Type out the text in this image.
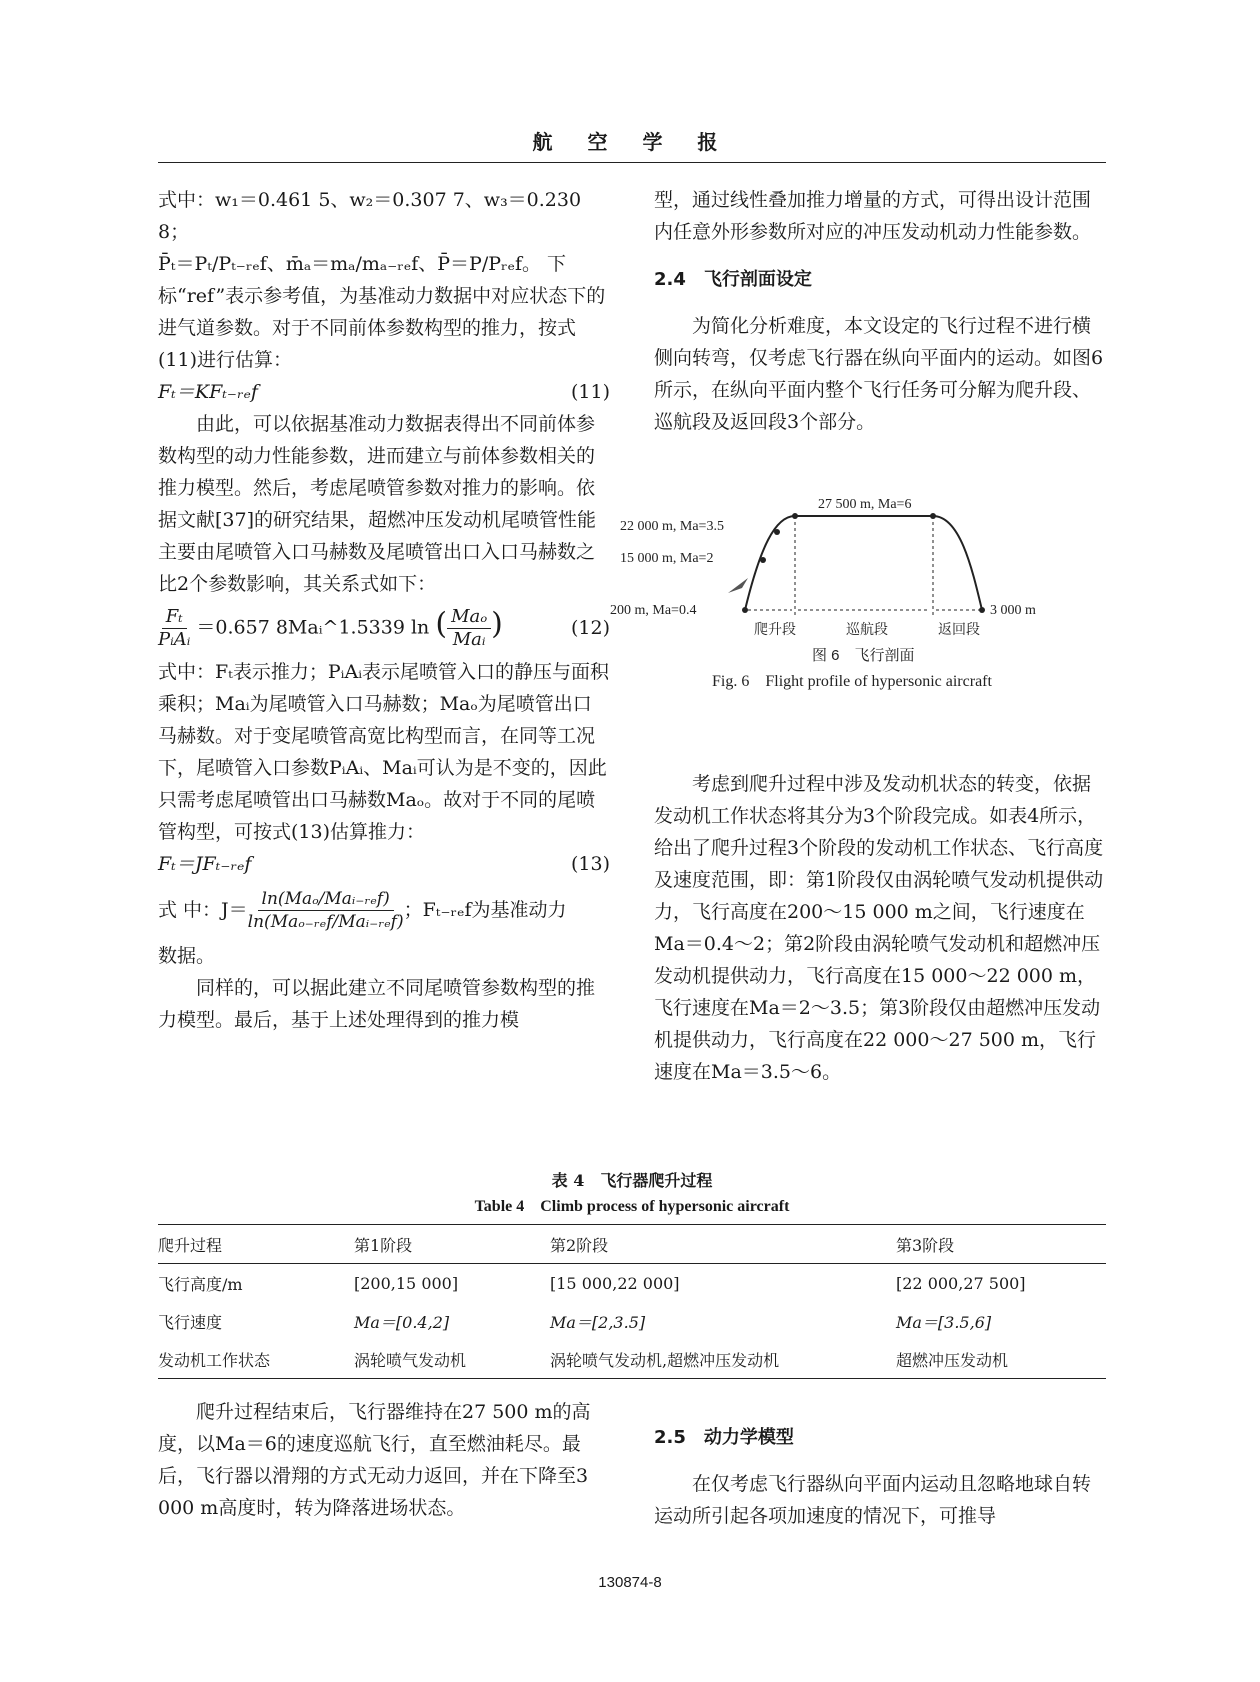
航 空 学 报

式中：w₁＝0.461 5、w₂＝0.307 7、w₃＝0.230 8；

P̄ₜ＝Pₜ/Pₜ₋ᵣₑf、m̄ₐ＝mₐ/mₐ₋ᵣₑf、P̄＝P/Pᵣₑf。 下 标“ref”表示参考值，为基准动力数据中对应状态下的进气道参数。对于不同前体参数构型的推力，按式(11)进行估算：

Fₜ＝KFₜ₋ᵣₑf	(11)

由此，可以依据基准动力数据表得出不同前体参数构型的动力性能参数，进而建立与前体参数相关的推力模型。然后，考虑尾喷管参数对推力的影响。依据文献[37]的研究结果，超燃冲压发动机尾喷管性能主要由尾喷管入口马赫数及尾喷管出口入口马赫数之比2个参数影响，其关系式如下：

$\frac{\text{Fₜ}}{\text{PᵢAᵢ}} =0.657$ 8Maᵢ^1.5339 ln ( $\frac{\text{Maₒ}}{\text{Maᵢ}}$ )	(12)

式中：Fₜ表示推力；PᵢAᵢ表示尾喷管入口的静压与面积乘积；Maᵢ为尾喷管入口马赫数；Maₒ为尾喷管出口马赫数。对于变尾喷管高宽比构型而言，在同等工况下，尾喷管入口参数PᵢAᵢ、Maᵢ可认为是不变的，因此只需考虑尾喷管出口马赫数Maₒ。故对于不同的尾喷管构型，可按式(13)估算推力：

Fₜ＝JFₜ₋ᵣₑf	(13)
式 中：$J= \frac{\text{ln(Maₒ/Maᵢ₋ᵣₑf)}}{\text{ln(Maₒ₋ᵣₑf/Maᵢ₋ᵣₑf)}}$ ；Fₜ₋ᵣₑf为基准动力

数据。

同样的，可以据此建立不同尾喷管参数构型的推力模型。最后，基于上述处理得到的推力模

型，通过线性叠加推力增量的方式，可得出设计范围内任意外形参数所对应的冲压发动机动力性能参数。

2.4　飞行剖面设定

为简化分析难度，本文设定的飞行过程不进行横侧向转弯，仅考虑飞行器在纵向平面内的运动。如图6所示，在纵向平面内整个飞行任务可分解为爬升段、巡航段及返回段3个部分。

27 500 m, Ma=6
22 000 m, Ma=3.5
15 000 m, Ma=2
200 m, Ma=0.4	3 000 m
爬升段	巡航段	返回段
图 6　飞行剖面
Fig. 6　Flight profile of hypersonic aircraft

考虑到爬升过程中涉及发动机状态的转变，依据发动机工作状态将其分为3个阶段完成。如表4所示，给出了爬升过程3个阶段的发动机工作状态、飞行高度及速度范围，即：第1阶段仅由涡轮喷气发动机提供动力，飞行高度在200～15 000 m之间，飞行速度在Ma＝0.4～2；第2阶段由涡轮喷气发动机和超燃冲压发动机提供动力，飞行高度在15 000～22 000 m，飞行速度在Ma＝2～3.5；第3阶段仅由超燃冲压发动机提供动力，飞行高度在22 000～27 500 m，飞行速度在Ma＝3.5～6。

表 4　飞行器爬升过程
Table 4　Climb process of hypersonic aircraft
爬升过程	第1阶段	第2阶段	第3阶段
飞行高度/m	[200,15 000]	[15 000,22 000]	[22 000,27 500]
飞行速度	Ma＝[0.4,2]	Ma＝[2,3.5]	Ma＝[3.5,6]
发动机工作状态	涡轮喷气发动机	涡轮喷气发动机,超燃冲压发动机	超燃冲压发动机

爬升过程结束后，飞行器维持在27 500 m的高度，以Ma＝6的速度巡航飞行，直至燃油耗尽。最后，飞行器以滑翔的方式无动力返回，并在下降至3 000 m高度时，转为降落进场状态。

2.5　动力学模型

在仅考虑飞行器纵向平面内运动且忽略地球自转运动所引起各项加速度的情况下，可推导

130874-8
